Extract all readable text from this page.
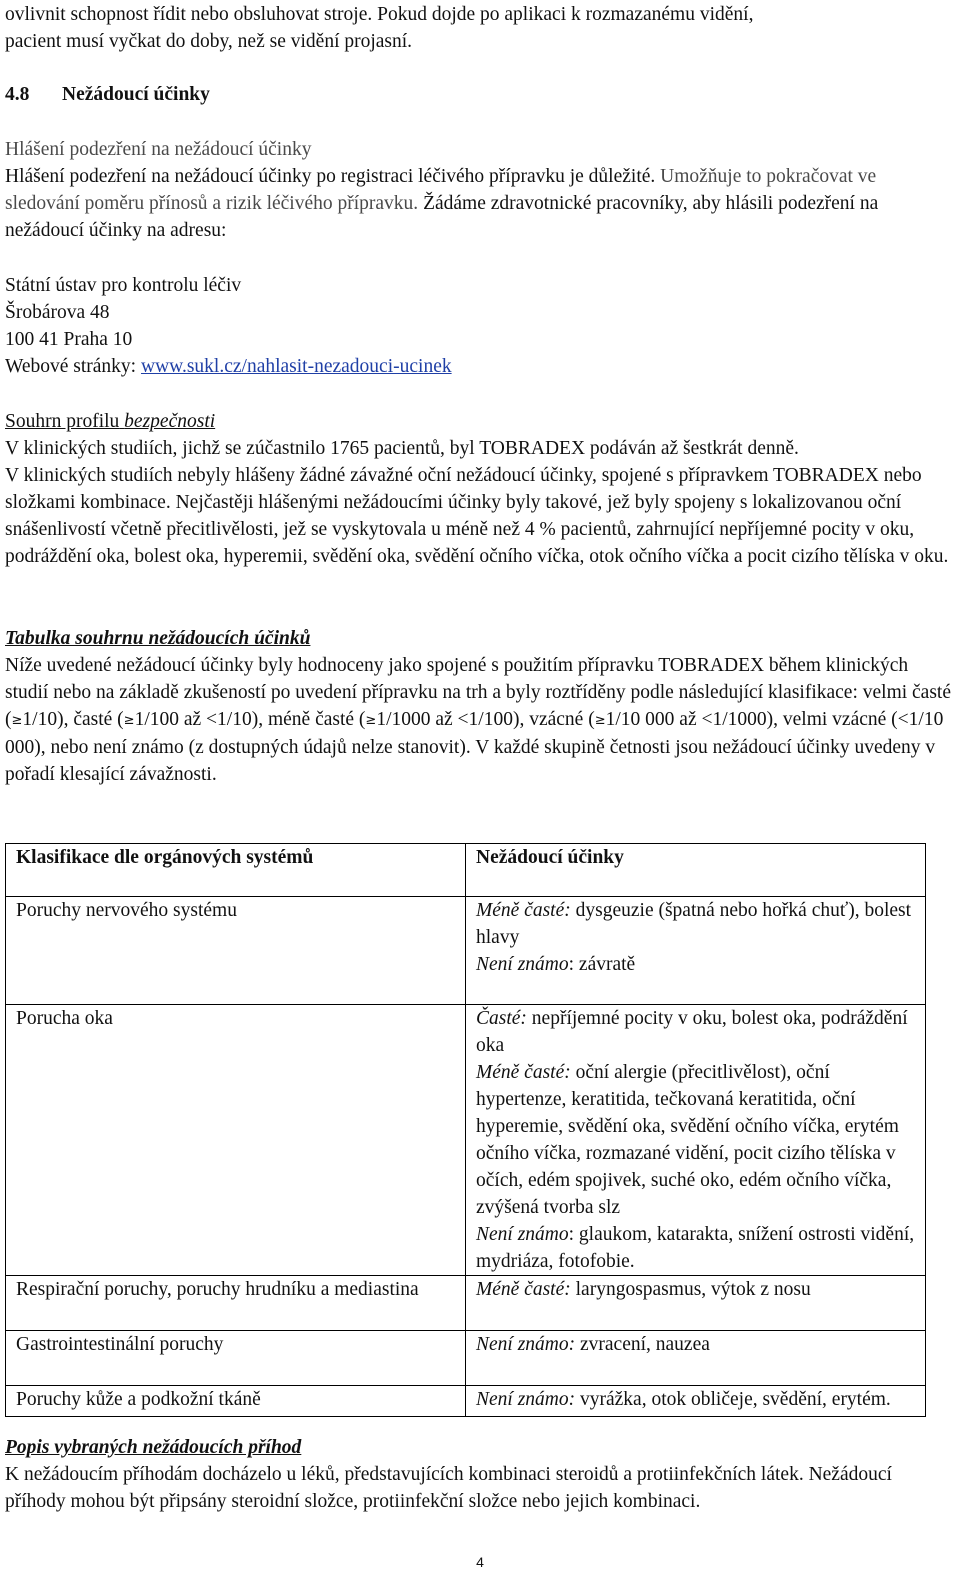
ovlivnit schopnost řídit nebo obsluhovat stroje. Pokud dojde po aplikaci k rozmazanému vidění,

pacient musí vyčkat do doby, než se vidění projasní.

4.8 Nežádoucí účinky

Hlášení podezření na nežádoucí účinky

Hlášení podezření na nežádoucí účinky po registraci léčivého přípravku je důležité. Umožňuje to pokračovat ve sledování poměru přínosů a rizik léčivého přípravku. Žádáme zdravotnické pracovníky, aby hlásili podezření na nežádoucí účinky na adresu:

Státní ústav pro kontrolu léčiv

Šrobárova 48

100 41 Praha 10

Webové stránky: www.sukl.cz/nahlasit-nezadouci-ucinek

Souhrn profilu bezpečnosti

V klinických studiích, jichž se zúčastnilo 1765 pacientů, byl TOBRADEX podáván až šestkrát denně.

V klinických studiích nebyly hlášeny žádné závažné oční nežádoucí účinky, spojené s přípravkem TOBRADEX nebo složkami kombinace. Nejčastěji hlášenými nežádoucími účinky byly takové, jež byly spojeny s lokalizovanou oční snášenlivostí včetně přecitlivělosti, jež se vyskytovala u méně než 4 % pacientů, zahrnující nepříjemné pocity v oku, podráždění oka, bolest oka, hyperemii, svědění oka, svědění očního víčka, otok očního víčka a pocit cizího tělíska v oku.

Tabulka souhrnu nežádoucích účinků

Níže uvedené nežádoucí účinky byly hodnoceny jako spojené s použitím přípravku TOBRADEX během klinických studií nebo na základě zkušeností po uvedení přípravku na trh a byly roztříděny podle následující klasifikace: velmi časté (≥1/10), časté (≥1/100 až <1/10), méně časté (≥1/1000 až <1/100), vzácné (≥1/10 000 až <1/1000), velmi vzácné (<1/10 000), nebo není známo (z dostupných údajů nelze stanovit). V každé skupině četnosti jsou nežádoucí účinky uvedeny v pořadí klesající závažnosti.

Klasifikace dle orgánových systémů	Nežádoucí účinky
Poruchy nervového systému	Méně časté: dysgeuzie (špatná nebo hořká chuť), bolest hlavy
Není známo: závratě
Porucha oka	Časté: nepříjemné pocity v oku, bolest oka, podráždění oka
Méně časté: oční alergie (přecitlivělost), oční hypertenze, keratitida, tečkovaná keratitida, oční hyperemie, svědění oka, svědění očního víčka, erytém očního víčka, rozmazané vidění, pocit cizího tělíska v očích, edém spojivek, suché oko, edém očního víčka, zvýšená tvorba slz
Není známo: glaukom, katarakta, snížení ostrosti vidění, mydriáza, fotofobie.
Respirační poruchy, poruchy hrudníku a mediastina	Méně časté: laryngospasmus, výtok z nosu
Gastrointestinální poruchy	Není známo: zvracení, nauzea
Poruchy kůže a podkožní tkáně	Není známo: vyrážka, otok obličeje, svědění, erytém.

Popis vybraných nežádoucích příhod

K nežádoucím příhodám docházelo u léků, představujících kombinaci steroidů a protiinfekčních látek. Nežádoucí příhody mohou být připsány steroidní složce, protiinfekční složce nebo jejich kombinaci.

4
